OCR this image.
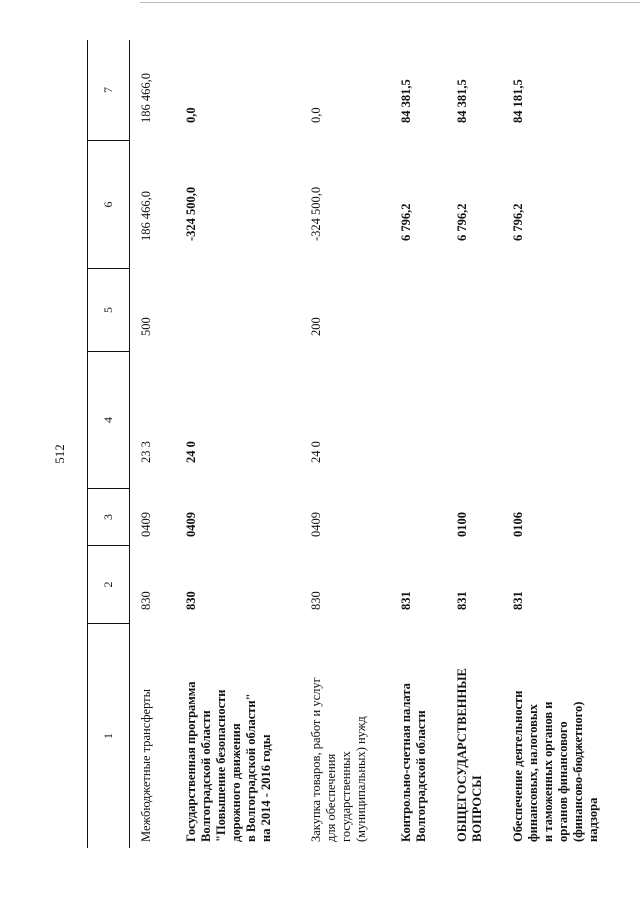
512
1
2
3
4
5
6
7
Межбюджетные трансферты
830
0409
23 3
500
186 466,0
186 466,0
Государственная программа Волгоградской области "Повышение безопасности дорожного движения в Волгоградской области" на 2014 - 2016 годы
830
0409
24 0
-324 500,0
0,0
Закупка товаров, работ и услуг для обеспечения государственных (муниципальных) нужд
830
0409
24 0
200
-324 500,0
0,0
Контрольно-счетная палата Волгоградской области
831
6 796,2
84 381,5
ОБЩЕГОСУДАРСТВЕННЫЕ ВОПРОСЫ
831
0100
6 796,2
84 381,5
Обеспечение деятельности финансовых, налоговых и таможенных органов и органов финансового (финансово-бюджетного) надзора
831
0106
6 796,2
84 181,5
